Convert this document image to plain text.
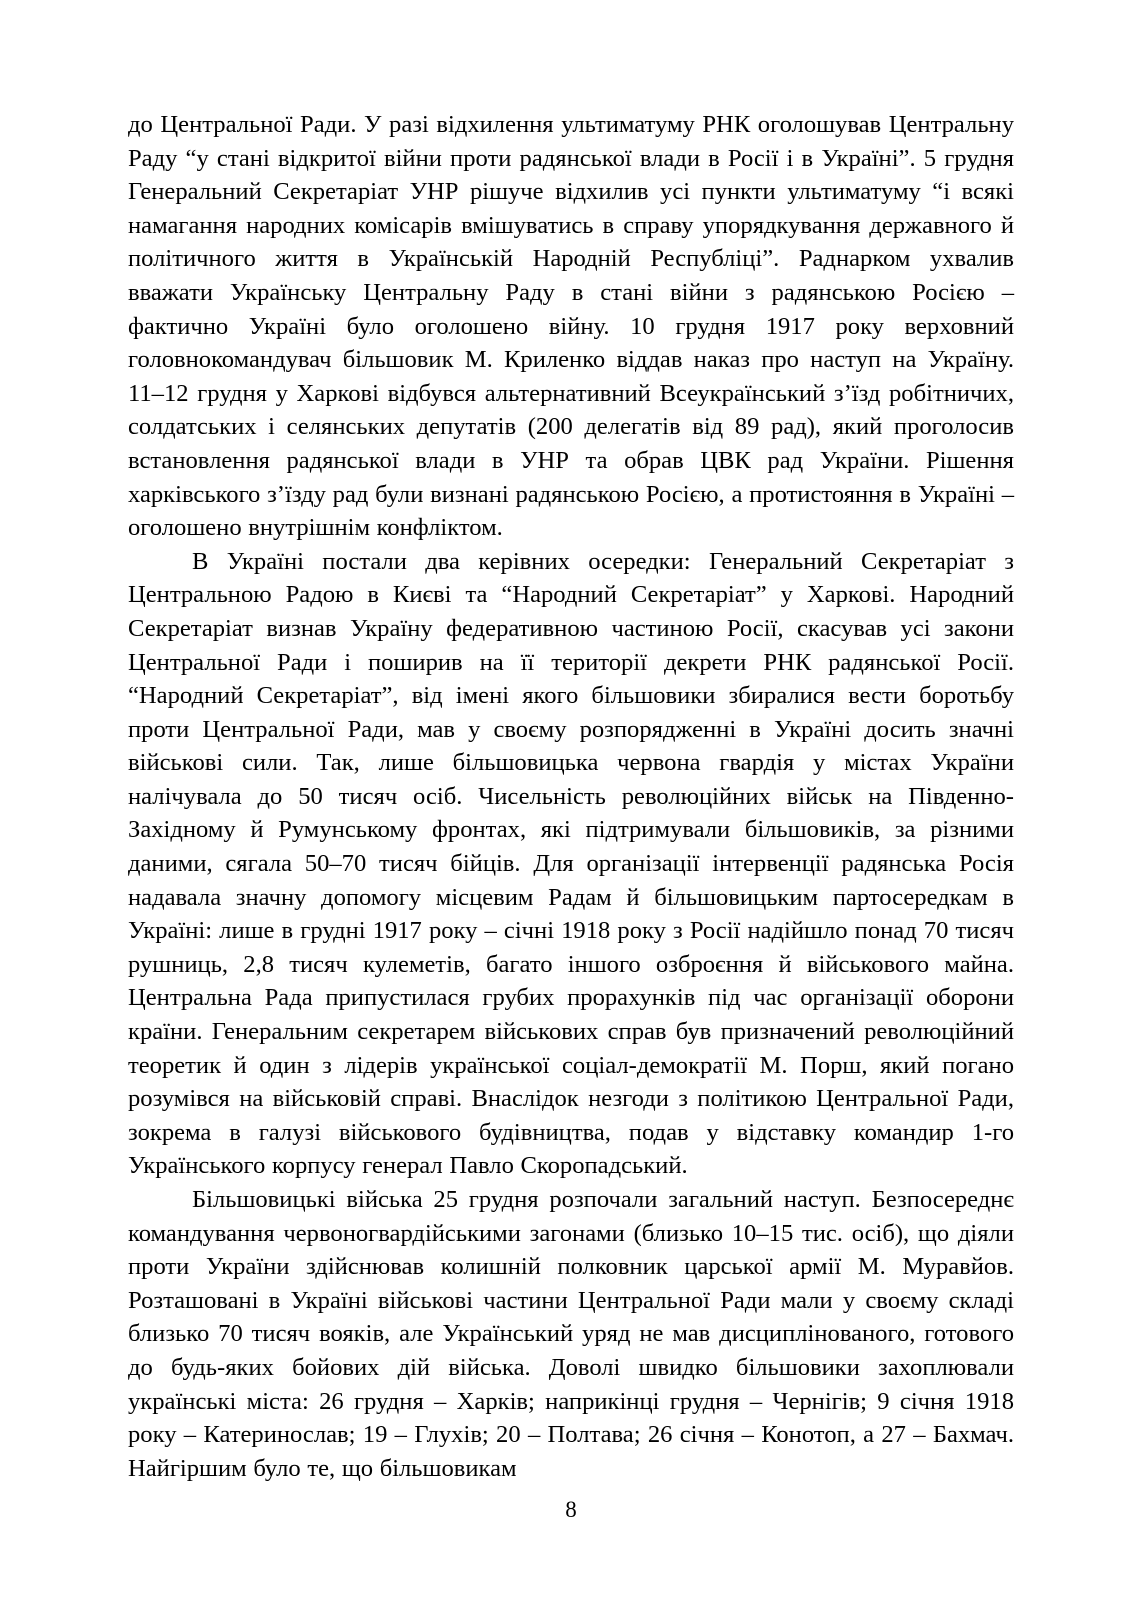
до Центральної Ради. У разі відхилення ультиматуму РНК оголошував Центральну Раду “у стані відкритої війни проти радянської влади в Росії і в Україні”. 5 грудня Генеральний Секретаріат УНР рішуче відхилив усі пункти ультиматуму “і всякі намагання народних комісарів вмішуватись в справу упорядкування державного й політичного життя в Українській Народній Республіці”. Раднарком ухвалив вважати Українську Центральну Раду в стані війни з радянською Росією – фактично Україні було оголошено війну. 10 грудня 1917 року верховний головнокомандувач більшовик М. Криленко віддав наказ про наступ на Україну. 11–12 грудня у Харкові відбувся альтернативний Всеукраїнський з’їзд робітничих, солдатських і селянських депутатів (200 делегатів від 89 рад), який проголосив встановлення радянської влади в УНР та обрав ЦВК рад України. Рішення харківського з’їзду рад були визнані радянською Росією, а протистояння в Україні – оголошено внутрішнім конфліктом.

В Україні постали два керівних осередки: Генеральний Секретаріат з Центральною Радою в Києві та “Народний Секретаріат” у Харкові. Народний Секретаріат визнав Україну федеративною частиною Росії, скасував усі закони Центральної Ради і поширив на її території декрети РНК радянської Росії. “Народний Секретаріат”, від імені якого більшовики збиралися вести боротьбу проти Центральної Ради, мав у своєму розпорядженні в Україні досить значні військові сили. Так, лише більшовицька червона гвардія у містах України налічувала до 50 тисяч осіб. Чисельність революційних військ на Південно-Західному й Румунському фронтах, які підтримували більшовиків, за різними даними, сягала 50–70 тисяч бійців. Для організації інтервенції радянська Росія надавала значну допомогу місцевим Радам й більшовицьким партосередкам в Україні: лише в грудні 1917 року – січні 1918 року з Росії надійшло понад 70 тисяч рушниць, 2,8 тисяч кулеметів, багато іншого озброєння й військового майна. Центральна Рада припустилася грубих прорахунків під час організації оборони країни. Генеральним секретарем військових справ був призначений революційний теоретик й один з лідерів української соціал-демократії М. Порш, який погано розумівся на військовій справі. Внаслідок незгоди з політикою Центральної Ради, зокрема в галузі військового будівництва, подав у відставку командир 1-го Українського корпусу генерал Павло Скоропадський.

Більшовицькі війська 25 грудня розпочали загальний наступ. Безпосереднє командування червоногвардійськими загонами (близько 10–15 тис. осіб), що діяли проти України здійснював колишній полковник царської армії М. Муравйов. Розташовані в Україні військові частини Центральної Ради мали у своєму складі близько 70 тисяч вояків, але Український уряд не мав дисциплінованого, готового до будь-яких бойових дій війська. Доволі швидко більшовики захоплювали українські міста: 26 грудня – Харків; наприкінці грудня – Чернігів; 9 січня 1918 року – Катеринослав; 19 – Глухів; 20 – Полтава; 26 січня – Конотоп, а 27 – Бахмач. Найгіршим було те, що більшовикам

8
